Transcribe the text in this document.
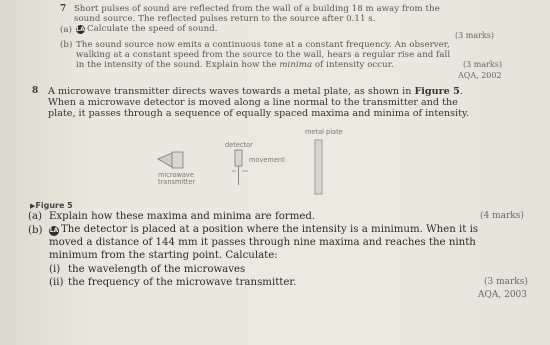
7 Short pulses of sound are reflected from the wall of a building 18 m away from the
sound source. The reflected pulses return to the source after 0.11 s.
(a) LA Calculate the speed of sound.
(3 marks)
(b) The sound source now emits a continuous tone at a constant frequency. An observer,
walking at a constant speed from the source to the wall, hears a regular rise and fall
in the intensity of the sound. Explain how the minima of intensity occur.	(3 marks)
AQA, 2002
8 A microwave transmitter directs waves towards a metal plate, as shown in Figure 5.
When a microwave detector is moved along a line normal to the transmitter and the
plate, it passes through a sequence of equally spaced maxima and minima of intensity.
metal plate
microwave
transmitter
detector
movement
▶Figure 5
(a) Explain how these maxima and minima are formed.	(4 marks)
(b) LA The detector is placed at a position where the intensity is a minimum. When it is
moved a distance of 144 mm it passes through nine maxima and reaches the ninth
minimum from the starting point. Calculate:
(i) the wavelength of the microwaves
(ii) the frequency of the microwave transmitter.	(3 marks)
AQA, 2003
